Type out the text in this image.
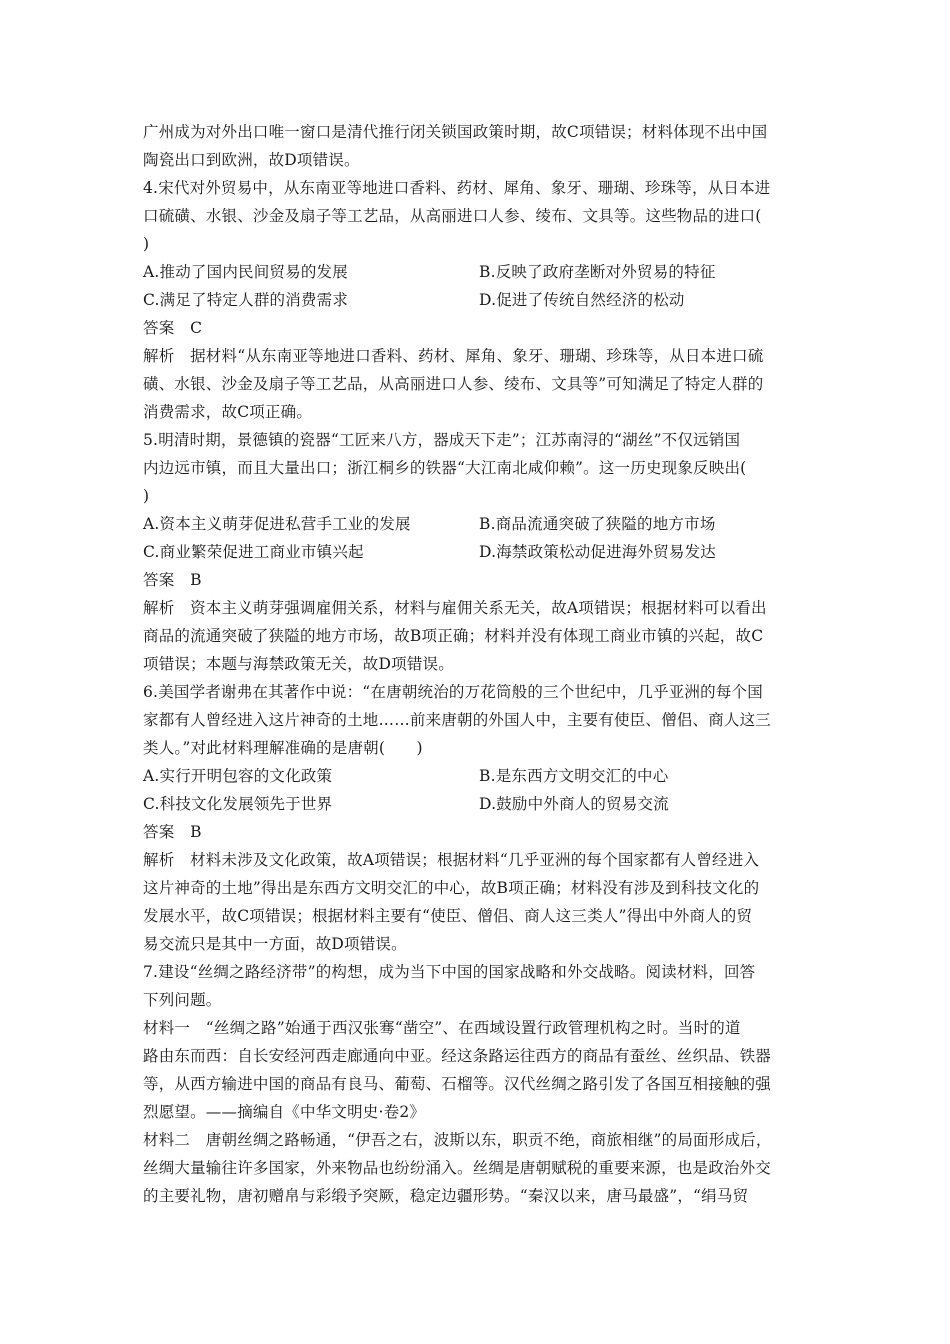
广州成为对外出口唯一窗口是清代推行闭关锁国政策时期，故C项错误；材料体现不出中国
陶瓷出口到欧洲，故D项错误。
4.宋代对外贸易中，从东南亚等地进口香料、药材、犀角、象牙、珊瑚、珍珠等，从日本进
口硫磺、水银、沙金及扇子等工艺品，从高丽进口人参、绫布、文具等。这些物品的进口(
)
A.推动了国内民间贸易的发展	B.反映了政府垄断对外贸易的特征
C.满足了特定人群的消费需求	D.促进了传统自然经济的松动
答案　C
解析　据材料“从东南亚等地进口香料、药材、犀角、象牙、珊瑚、珍珠等，从日本进口硫
磺、水银、沙金及扇子等工艺品，从高丽进口人参、绫布、文具等”可知满足了特定人群的
消费需求，故C项正确。
5.明清时期，景德镇的瓷器“工匠来八方，器成天下走”；江苏南浔的“湖丝”不仅远销国
内边远市镇，而且大量出口；浙江桐乡的铁器“大江南北咸仰赖”。这一历史现象反映出(
)
A.资本主义萌芽促进私营手工业的发展	B.商品流通突破了狭隘的地方市场
C.商业繁荣促进工商业市镇兴起	D.海禁政策松动促进海外贸易发达
答案　B
解析　资本主义萌芽强调雇佣关系，材料与雇佣关系无关，故A项错误；根据材料可以看出
商品的流通突破了狭隘的地方市场，故B项正确；材料并没有体现工商业市镇的兴起，故C
项错误；本题与海禁政策无关，故D项错误。
6.美国学者谢弗在其著作中说：“在唐朝统治的万花筒般的三个世纪中，几乎亚洲的每个国
家都有人曾经进入这片神奇的土地……前来唐朝的外国人中，主要有使臣、僧侣、商人这三
类人。”对此材料理解准确的是唐朝(　　)
A.实行开明包容的文化政策	B.是东西方文明交汇的中心
C.科技文化发展领先于世界	D.鼓励中外商人的贸易交流
答案　B
解析　材料未涉及文化政策，故A项错误；根据材料“几乎亚洲的每个国家都有人曾经进入
这片神奇的土地”得出是东西方文明交汇的中心，故B项正确；材料没有涉及到科技文化的
发展水平，故C项错误；根据材料主要有“使臣、僧侣、商人这三类人”得出中外商人的贸
易交流只是其中一方面，故D项错误。
7.建设“丝绸之路经济带”的构想，成为当下中国的国家战略和外交战略。阅读材料，回答
下列问题。
材料一　“丝绸之路”始通于西汉张骞“凿空”、在西域设置行政管理机构之时。当时的道
路由东而西：自长安经河西走廊通向中亚。经这条路运往西方的商品有蚕丝、丝织品、铁器
等，从西方输进中国的商品有良马、葡萄、石榴等。汉代丝绸之路引发了各国互相接触的强
烈愿望。——摘编自《中华文明史·卷2》
材料二　唐朝丝绸之路畅通，“伊吾之右，波斯以东，职贡不绝，商旅相继”的局面形成后，
丝绸大量输往许多国家，外来物品也纷纷涌入。丝绸是唐朝赋税的重要来源，也是政治外交
的主要礼物，唐初赠帛与彩缎予突厥，稳定边疆形势。“秦汉以来，唐马最盛”，“绢马贸
